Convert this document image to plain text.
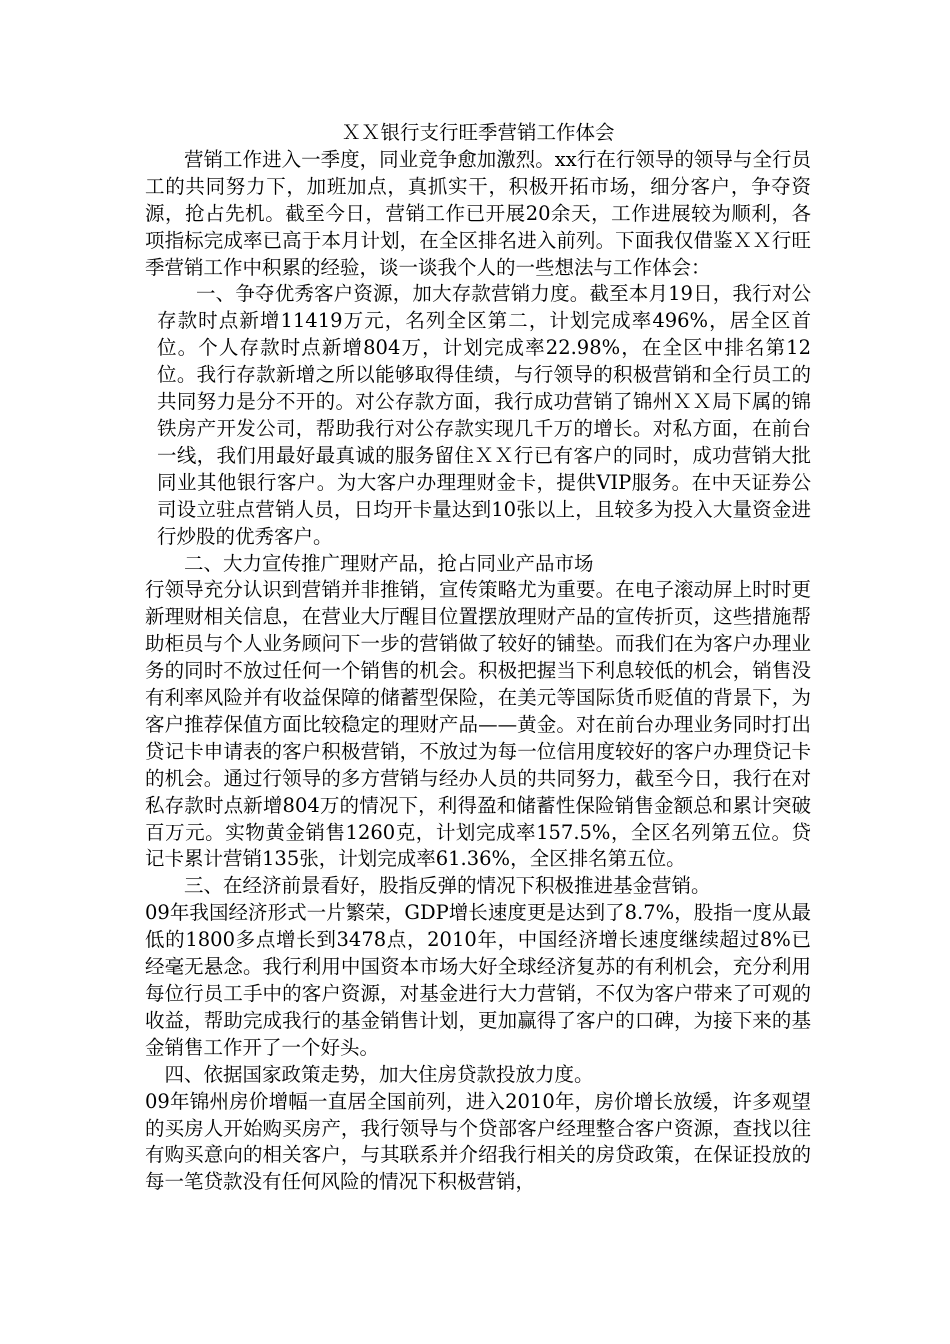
ＸＸ银行支行旺季营销工作体会

营销工作进入一季度，同业竞争愈加激烈。xx行在行领导的领导与全行员工的共同努力下，加班加点，真抓实干，积极开拓市场，细分客户，争夺资源，抢占先机。截至今日，营销工作已开展20余天，工作进展较为顺利，各项指标完成率已高于本月计划，在全区排名进入前列。下面我仅借鉴ＸＸ行旺季营销工作中积累的经验，谈一谈我个人的一些想法与工作体会：

一、争夺优秀客户资源，加大存款营销力度。截至本月19日，我行对公存款时点新增11419万元，名列全区第二，计划完成率496%，居全区首位。个人存款时点新增804万，计划完成率22.98%，在全区中排名第12位。我行存款新增之所以能够取得佳绩，与行领导的积极营销和全行员工的共同努力是分不开的。对公存款方面，我行成功营销了锦州ＸＸ局下属的锦铁房产开发公司，帮助我行对公存款实现几千万的增长。对私方面，在前台一线，我们用最好最真诚的服务留住ＸＸ行已有客户的同时，成功营销大批同业其他银行客户。为大客户办理理财金卡，提供VIP服务。在中天证券公司设立驻点营销人员，日均开卡量达到10张以上，且较多为投入大量资金进行炒股的优秀客户。

二、大力宣传推广理财产品，抢占同业产品市场

行领导充分认识到营销并非推销，宣传策略尤为重要。在电子滚动屏上时时更新理财相关信息，在营业大厅醒目位置摆放理财产品的宣传折页，这些措施帮助柜员与个人业务顾问下一步的营销做了较好的铺垫。而我们在为客户办理业务的同时不放过任何一个销售的机会。积极把握当下利息较低的机会，销售没有利率风险并有收益保障的储蓄型保险，在美元等国际货币贬值的背景下，为客户推荐保值方面比较稳定的理财产品——黄金。对在前台办理业务同时打出贷记卡申请表的客户积极营销，不放过为每一位信用度较好的客户办理贷记卡的机会。通过行领导的多方营销与经办人员的共同努力，截至今日，我行在对私存款时点新增804万的情况下，利得盈和储蓄性保险销售金额总和累计突破百万元。实物黄金销售1260克，计划完成率157.5%，全区名列第五位。贷记卡累计营销135张，计划完成率61.36%，全区排名第五位。

三、在经济前景看好，股指反弹的情况下积极推进基金营销。

09年我国经济形式一片繁荣，GDP增长速度更是达到了8.7%，股指一度从最低的1800多点增长到3478点，2010年，中国经济增长速度继续超过8%已经毫无悬念。我行利用中国资本市场大好全球经济复苏的有利机会，充分利用每位行员工手中的客户资源，对基金进行大力营销，不仅为客户带来了可观的收益，帮助完成我行的基金销售计划，更加赢得了客户的口碑，为接下来的基金销售工作开了一个好头。

四、依据国家政策走势，加大住房贷款投放力度。

09年锦州房价增幅一直居全国前列，进入2010年，房价增长放缓，许多观望的买房人开始购买房产，我行领导与个贷部客户经理整合客户资源，查找以往有购买意向的相关客户，与其联系并介绍我行相关的房贷政策，在保证投放的每一笔贷款没有任何风险的情况下积极营销，
